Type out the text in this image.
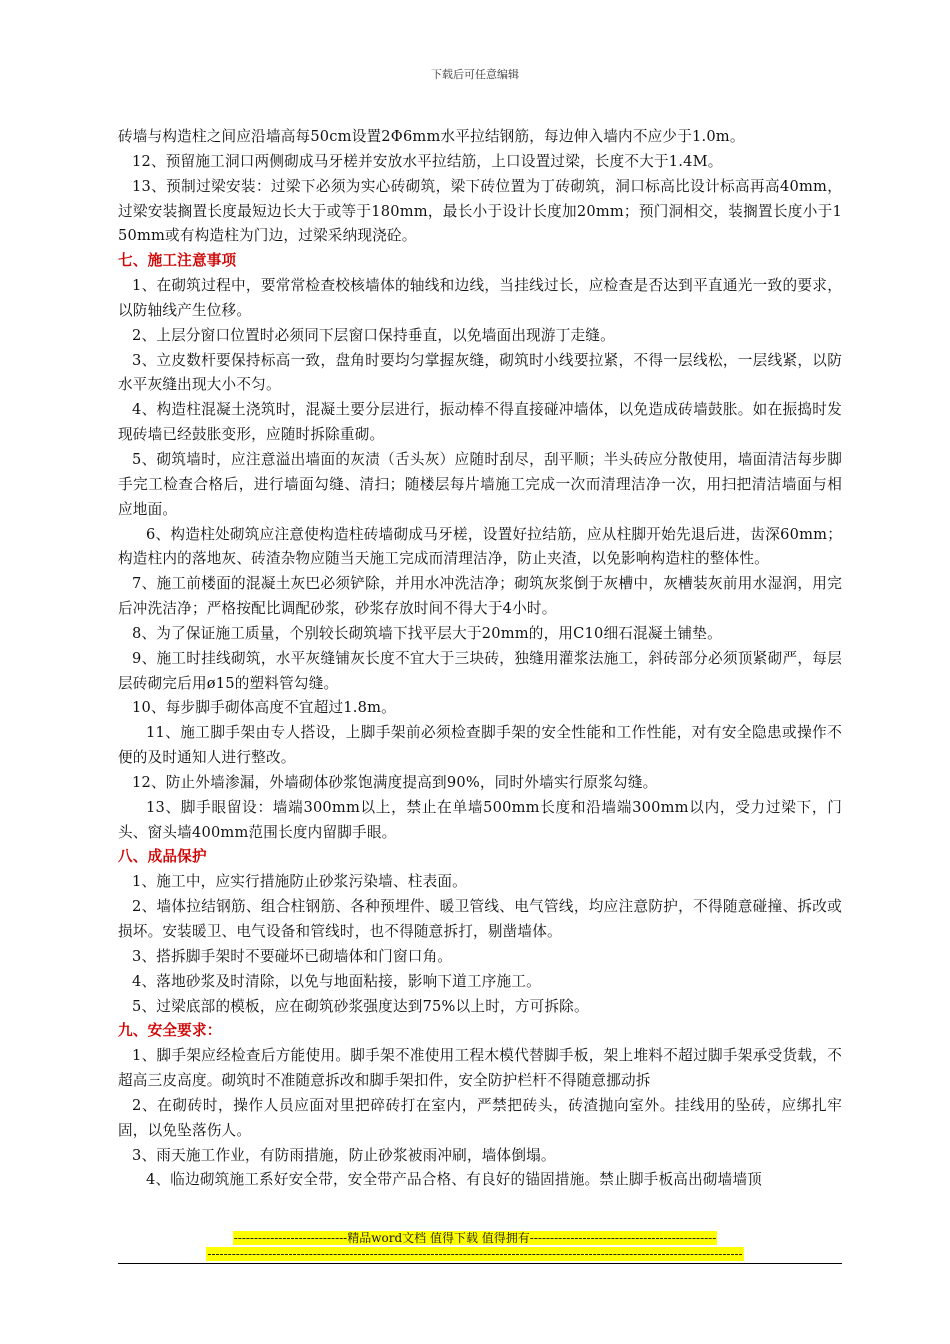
下载后可任意编辑

砖墙与构造柱之间应沿墙高每50cm设置2Φ6mm水平拉结钢筋，每边伸入墙内不应少于1.0m。

12、预留施工洞口两侧砌成马牙槎并安放水平拉结筋，上口设置过梁，长度不大于1.4M。

13、预制过梁安装：过梁下必须为实心砖砌筑，梁下砖位置为丁砖砌筑，洞口标高比设计标高再高40mm，过梁安装搁置长度最短边长大于或等于180mm，最长小于设计长度加20mm；预门洞相交，装搁置长度小于150mm或有构造柱为门边，过梁采纳现浇砼。

七、施工注意事项

1、在砌筑过程中，要常常检查校核墙体的轴线和边线，当挂线过长，应检查是否达到平直通光一致的要求，以防轴线产生位移。

2、上层分窗口位置时必须同下层窗口保持垂直，以免墙面出现游丁走缝。

3、立皮数杆要保持标高一致，盘角时要均匀掌握灰缝，砌筑时小线要拉紧，不得一层线松，一层线紧，以防水平灰缝出现大小不匀。

4、构造柱混凝土浇筑时，混凝土要分层进行，振动棒不得直接碰冲墙体，以免造成砖墙鼓胀。如在振捣时发现砖墙已经鼓胀变形，应随时拆除重砌。

5、砌筑墙时，应注意溢出墙面的灰渍（舌头灰）应随时刮尽，刮平顺；半头砖应分散使用，墙面清洁每步脚手完工检查合格后，进行墙面勾缝、清扫；随楼层每片墙施工完成一次而清理洁净一次，用扫把清洁墙面与相应地面。

6、构造柱处砌筑应注意使构造柱砖墙砌成马牙槎，设置好拉结筋，应从柱脚开始先退后进，齿深60mm；构造柱内的落地灰、砖渣杂物应随当天施工完成而清理洁净，防止夹渣，以免影响构造柱的整体性。

7、施工前楼面的混凝土灰巴必须铲除，并用水冲洗洁净；砌筑灰浆倒于灰槽中，灰槽装灰前用水湿润，用完后冲洗洁净；严格按配比调配砂浆，砂浆存放时间不得大于4小时。

8、为了保证施工质量，个别较长砌筑墙下找平层大于20mm的，用C10细石混凝土铺垫。

9、施工时挂线砌筑，水平灰缝铺灰长度不宜大于三块砖，独缝用灌浆法施工，斜砖部分必须顶紧砌严，每层层砖砌完后用ø15的塑料管勾缝。

10、每步脚手砌体高度不宜超过1.8m。

11、施工脚手架由专人搭设，上脚手架前必须检查脚手架的安全性能和工作性能，对有安全隐患或操作不便的及时通知人进行整改。

12、防止外墙渗漏，外墙砌体砂浆饱满度提高到90%，同时外墙实行原浆勾缝。

13、脚手眼留设：墙端300mm以上，禁止在单墙500mm长度和沿墙端300mm以内，受力过梁下，门头、窗头墙400mm范围长度内留脚手眼。

八、成品保护

1、施工中，应实行措施防止砂浆污染墙、柱表面。

2、墙体拉结钢筋、组合柱钢筋、各种预埋件、暖卫管线、电气管线，均应注意防护，不得随意碰撞、拆改或损坏。安装暖卫、电气设备和管线时，也不得随意拆打，剔凿墙体。

3、搭拆脚手架时不要碰坏已砌墙体和门窗口角。

4、落地砂浆及时清除，以免与地面粘接，影响下道工序施工。

5、过梁底部的模板，应在砌筑砂浆强度达到75%以上时，方可拆除。

九、安全要求：

1、脚手架应经检查后方能使用。脚手架不准使用工程木模代替脚手板，架上堆料不超过脚手架承受货载，不超高三皮高度。砌筑时不准随意拆改和脚手架扣件，安全防护栏杆不得随意挪动拆

2、在砌砖时，操作人员应面对里把碎砖打在室内，严禁把砖头，砖渣抛向室外。挂线用的坠砖，应绑扎牢固，以免坠落伤人。

3、雨天施工作业，有防雨措施，防止砂浆被雨冲刷，墙体倒塌。

4、临边砌筑施工系好安全带，安全带产品合格、有良好的锚固措施。禁止脚手板高出砌墙墙顶

----------------------------精品word文档 值得下载 值得拥有----------------------------------------------
------------------------------------------------------------------------------------------------------------------------------------
